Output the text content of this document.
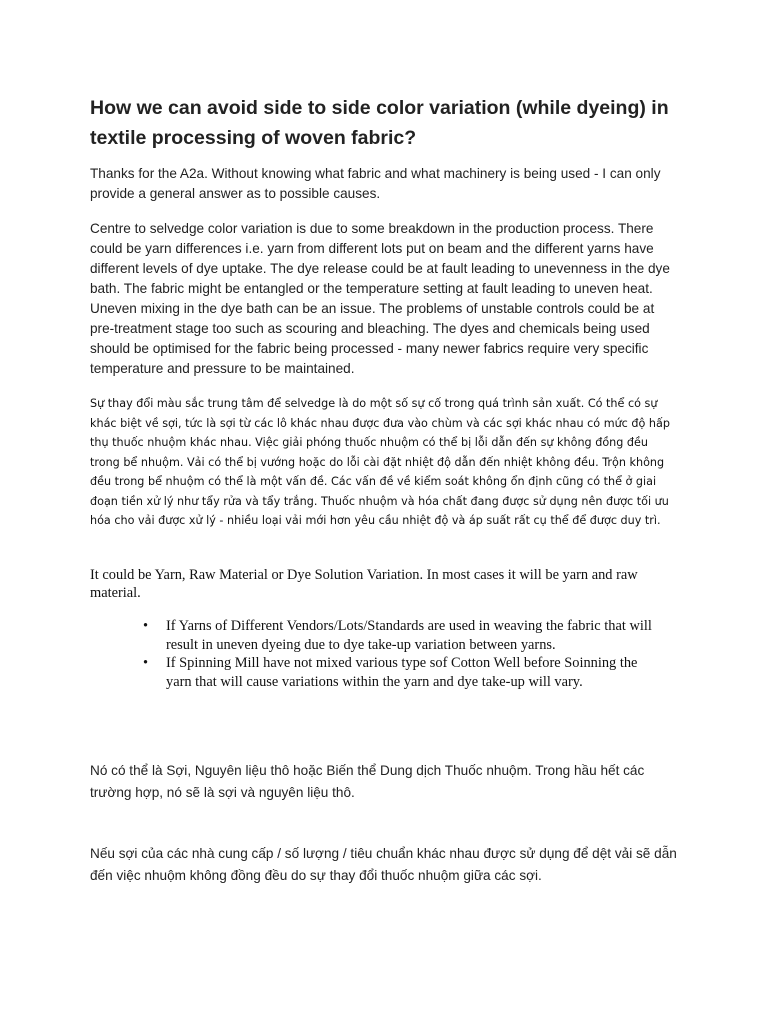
How we can avoid side to side color variation (while dyeing) in textile processing of woven fabric?

Thanks for the A2a. Without knowing what fabric and what machinery is being used - I can only provide a general answer as to possible causes.

Centre to selvedge color variation is due to some breakdown in the production process. There could be yarn differences i.e. yarn from different lots put on beam and the different yarns have different levels of dye uptake. The dye release could be at fault leading to unevenness in the dye bath. The fabric might be entangled or the temperature setting at fault leading to uneven heat. Uneven mixing in the dye bath can be an issue. The problems of unstable controls could be at pre-treatment stage too such as scouring and bleaching. The dyes and chemicals being used should be optimised for the fabric being processed - many newer fabrics require very specific temperature and pressure to be maintained.

Sự thay đổi màu sắc trung tâm để selvedge là do một số sự cố trong quá trình sản xuất. Có thể có sự khác biệt về sợi, tức là sợi từ các lô khác nhau được đưa vào chùm và các sợi khác nhau có mức độ hấp thụ thuốc nhuộm khác nhau. Việc giải phóng thuốc nhuộm có thể bị lỗi dẫn đến sự không đồng đều trong bể nhuộm. Vải có thể bị vướng hoặc do lỗi cài đặt nhiệt độ dẫn đến nhiệt không đều. Trộn không đều trong bể nhuộm có thể là một vấn đề. Các vấn đề về kiểm soát không ổn định cũng có thể ở giai đoạn tiền xử lý như tẩy rửa và tẩy trắng. Thuốc nhuộm và hóa chất đang được sử dụng nên được tối ưu hóa cho vải được xử lý - nhiều loại vải mới hơn yêu cầu nhiệt độ và áp suất rất cụ thể để được duy trì.

It could be Yarn, Raw Material or Dye Solution Variation. In most cases it will be yarn and raw material.

• If Yarns of Different Vendors/Lots/Standards are used in weaving the fabric that will result in uneven dyeing due to dye take-up variation between yarns.
• If Spinning Mill have not mixed various type sof Cotton Well before Soinning the yarn that will cause variations within the yarn and dye take-up will vary.

Nó có thể là Sợi, Nguyên liệu thô hoặc Biến thể Dung dịch Thuốc nhuộm. Trong hầu hết các trường hợp, nó sẽ là sợi và nguyên liệu thô.

Nếu sợi của các nhà cung cấp / số lượng / tiêu chuẩn khác nhau được sử dụng để dệt vải sẽ dẫn đến việc nhuộm không đồng đều do sự thay đổi thuốc nhuộm giữa các sợi.
